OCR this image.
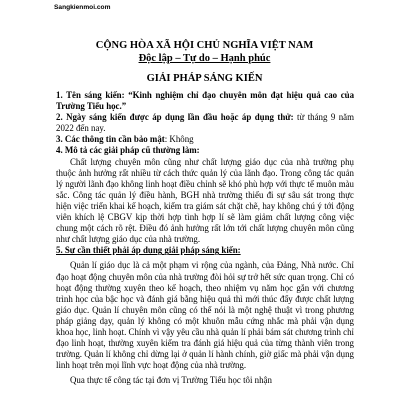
Sangkienmoi.com
CỘNG HÒA XÃ HỘI CHỦ NGHĨA VIỆT NAM
Độc lập – Tự do – Hạnh phúc
GIẢI PHÁP SÁNG KIẾN

1. Tên sáng kiến: “Kinh nghiệm chỉ đạo chuyên môn đạt hiệu quả cao của Trường Tiểu học.”

2. Ngày sáng kiến được áp dụng lần đầu hoặc áp dụng thử: từ tháng 9 năm 2022 đến nay.

3. Các thông tin cần bảo mật: Không

4. Mô tả các giải pháp cũ thường làm:

Chất lượng chuyên môn cũng như chất lượng giáo dục của nhà trường phụ thuộc ảnh hưởng rất nhiều từ cách thức quản lý của lãnh đạo. Trong công tác quản lý người lãnh đạo không linh hoạt điều chỉnh sẽ khó phù hợp với thực tế muôn màu sắc. Công tác quản lý điều hành, BGH nhà trường thiếu đi sự sâu sát trong thực hiện việc triển khai kế hoạch, kiểm tra giám sát chặt chẽ, hay không chú ý tới động viên khích lệ CBGV kịp thời hợp tình hợp lí sẽ làm giảm chất lượng công việc chung một cách rõ rệt. Điều đó ảnh hưởng rất lớn tới chất lượng chuyên môn cũng như chất lượng giáo dục của nhà trường.

5. Sự cần thiết phải áp dụng giải pháp sáng kiến:

Quản lí giáo dục là cả một phạm vi rộng của ngành, của Đảng, Nhà nước. Chỉ đạo hoạt động chuyên môn của nhà trường đòi hỏi sự trở hết sức quan trọng. Chỉ có hoạt động thường xuyên theo kế hoạch, theo nhiệm vụ năm học gắn với chương trình học của bậc học và đánh giá bằng hiệu quả thì mới thúc đẩy được chất lượng giáo dục. Quản lí chuyên môn cũng có thể nói là một nghệ thuật vì trong phương pháp giảng dạy, quản lý không có một khuôn mẫu cứng nhắc mà phải vận dụng khoa học, linh hoạt. Chính vì vậy yêu cầu nhà quản lí phải bám sát chương trình chỉ đạo linh hoạt, thường xuyên kiểm tra đánh giá hiệu quả của từng thành viên trong trường. Quản lí không chỉ dừng lại ở quản lí hành chính, giờ giấc mà phải vận dụng linh hoạt trên mọi lĩnh vực hoạt động của nhà trường.

Qua thực tế công tác tại đơn vị Trường Tiểu học tôi nhận
